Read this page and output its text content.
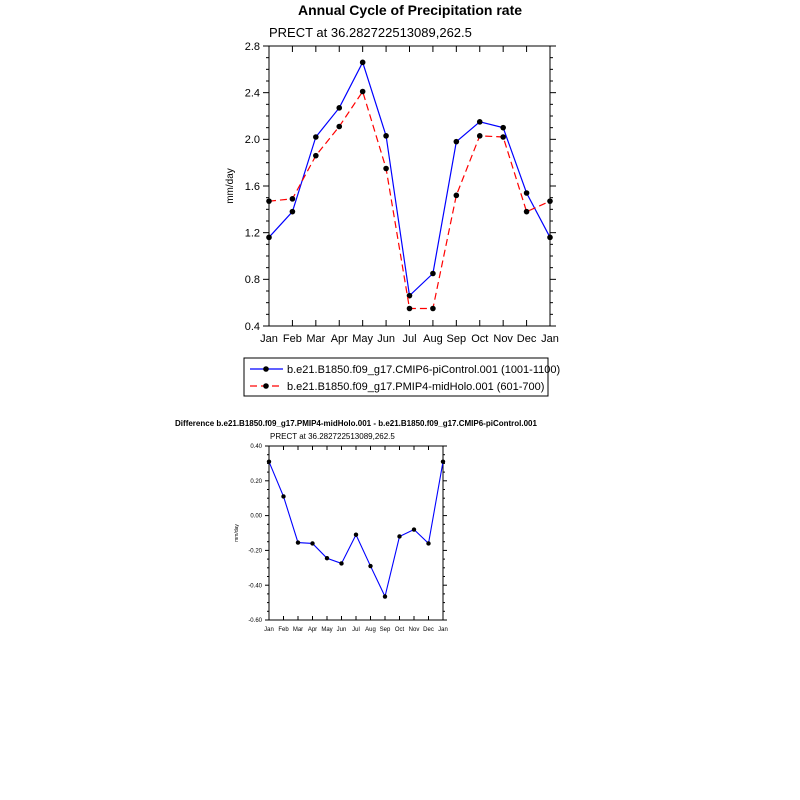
Annual Cycle of Precipitation rate
PRECT at 36.282722513089,262.5
Jan Feb Mar Apr May Jun Jul Aug Sep Oct Nov Dec Jan
0.4
0.8
1.2
1.6
2.0
2.4
2.8
mm/day
b.e21.B1850.f09_g17.CMIP6-piControl.001 (1001-1100)
b.e21.B1850.f09_g17.PMIP4-midHolo.001 (601-700)
Difference b.e21.B1850.f09_g17.PMIP4-midHolo.001 - b.e21.B1850.f09_g17.CMIP6-piControl.001
PRECT at 36.282722513089,262.5
Jan Feb Mar Apr May Jun Jul Aug Sep Oct Nov Dec Jan
-0.60
-0.40
-0.20
0.00
0.20
0.40
mm/day
